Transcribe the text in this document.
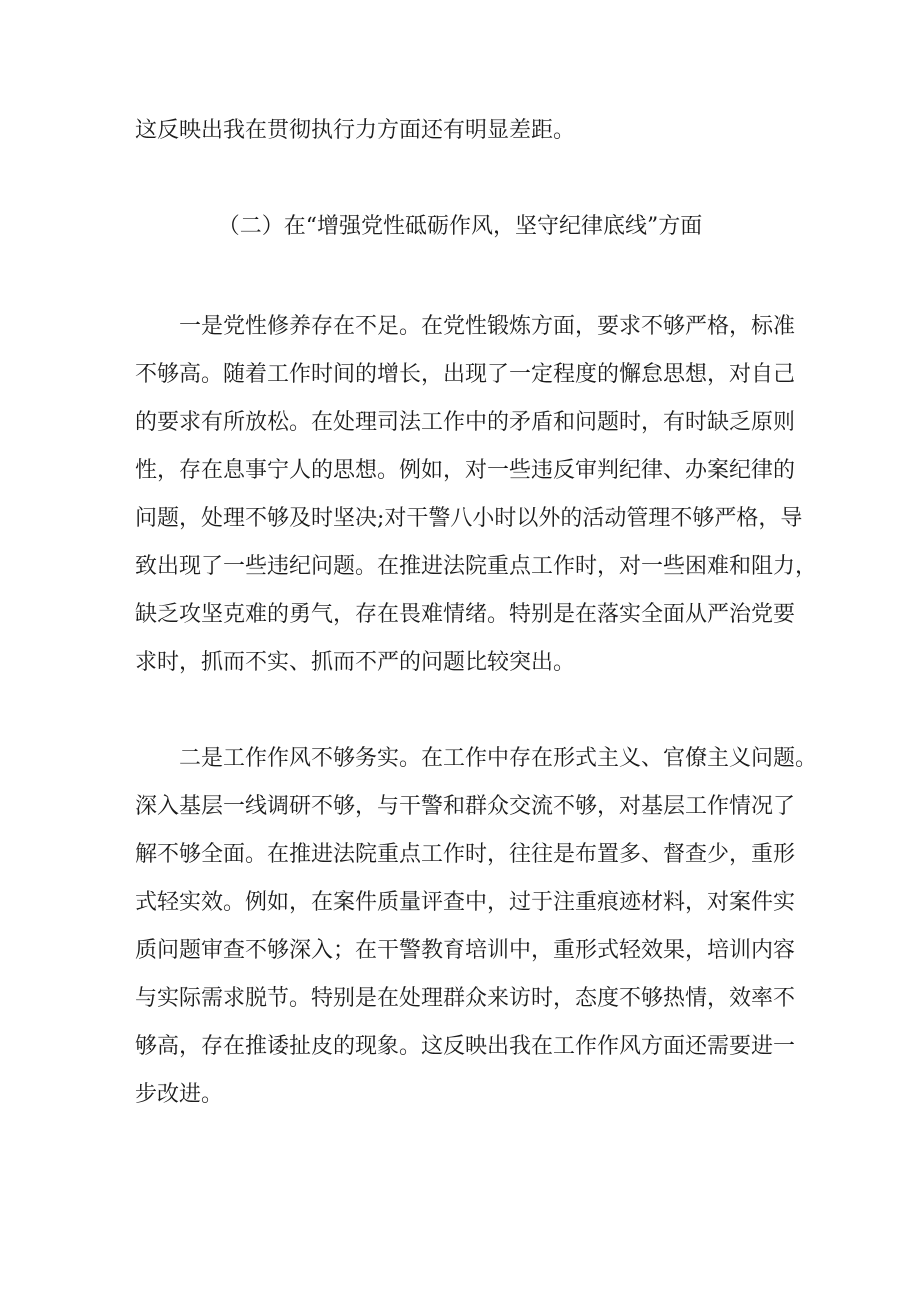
这反映出我在贯彻执行力方面还有明显差距。
（二）在“增强党性砥砺作风，坚守纪律底线”方面
　　一是党性修养存在不足。在党性锻炼方面，要求不够严格，标准
不够高。随着工作时间的增长，出现了一定程度的懈怠思想，对自己
的要求有所放松。在处理司法工作中的矛盾和问题时，有时缺乏原则
性，存在息事宁人的思想。例如，对一些违反审判纪律、办案纪律的
问题，处理不够及时坚决;对干警八小时以外的活动管理不够严格，导
致出现了一些违纪问题。在推进法院重点工作时，对一些困难和阻力，
缺乏攻坚克难的勇气，存在畏难情绪。特别是在落实全面从严治党要
求时，抓而不实、抓而不严的问题比较突出。
　　二是工作作风不够务实。在工作中存在形式主义、官僚主义问题。
深入基层一线调研不够，与干警和群众交流不够，对基层工作情况了
解不够全面。在推进法院重点工作时，往往是布置多、督查少，重形
式轻实效。例如，在案件质量评查中，过于注重痕迹材料，对案件实
质问题审查不够深入；在干警教育培训中，重形式轻效果，培训内容
与实际需求脱节。特别是在处理群众来访时，态度不够热情，效率不
够高，存在推诿扯皮的现象。这反映出我在工作作风方面还需要进一
步改进。
